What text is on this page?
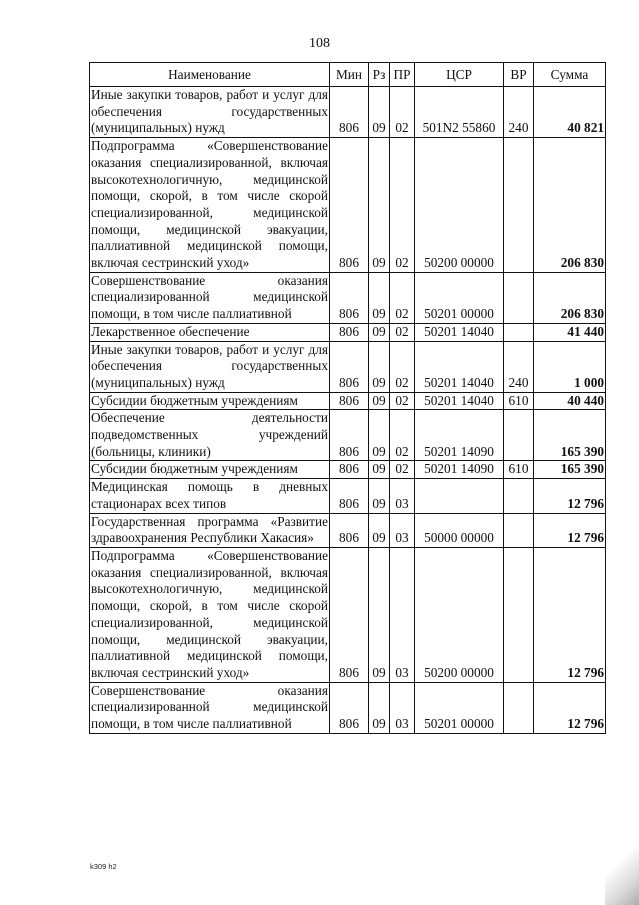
108
Наименование	Мин	Рз	ПР	ЦСР	ВР	Сумма
Иные закупки товаров, работ и услуг для обеспечения государственных (муниципальных) нужд	806	09	02	501N2 55860	240	40 821
Подпрограмма «Совершенствование оказания специализированной, включая высокотехнологичную, медицинской помощи, скорой, в том числе скорой специализированной, медицинской помощи, медицинской эвакуации, паллиативной медицинской помощи, включая сестринский уход»	806	09	02	50200 00000		206 830
Совершенствование оказания специализированной медицинской помощи, в том числе паллиативной	806	09	02	50201 00000		206 830
Лекарственное обеспечение	806	09	02	50201 14040		41 440
Иные закупки товаров, работ и услуг для обеспечения государственных (муниципальных) нужд	806	09	02	50201 14040	240	1 000
Субсидии бюджетным учреждениям	806	09	02	50201 14040	610	40 440
Обеспечение деятельности подведомственных учреждений (больницы, клиники)	806	09	02	50201 14090		165 390
Субсидии бюджетным учреждениям	806	09	02	50201 14090	610	165 390
Медицинская помощь в дневных стационарах всех типов	806	09	03			12 796
Государственная программа «Развитие здравоохранения Республики Хакасия»	806	09	03	50000 00000		12 796
Подпрограмма «Совершенствование оказания специализированной, включая высокотехнологичную, медицинской помощи, скорой, в том числе скорой специализированной, медицинской помощи, медицинской эвакуации, паллиативной медицинской помощи, включая сестринский уход»	806	09	03	50200 00000		12 796
Совершенствование оказания специализированной медицинской помощи, в том числе паллиативной	806	09	03	50201 00000		12 796
k309 h2
